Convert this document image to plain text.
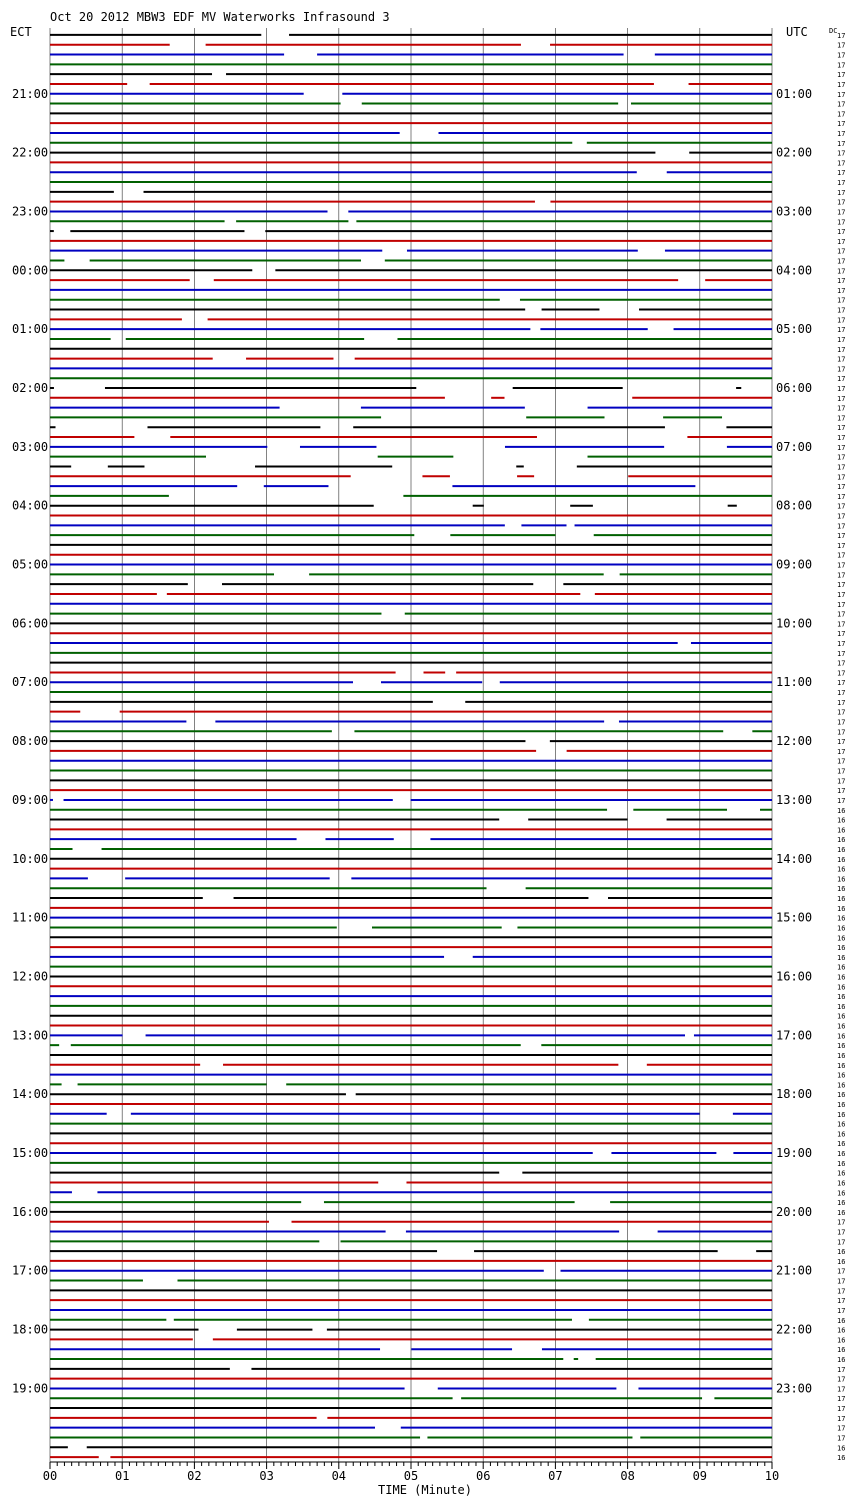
Oct 20 2012 MBW3 EDF MV Waterworks Infrasound 3
ECT	UTC	DC
21:00
22:00
23:00
00:00
01:00
02:00
03:00
04:00
05:00
06:00
07:00
08:00
09:00
10:00
11:00
12:00
13:00
14:00
15:00
16:00
17:00
18:00
19:00
01:00
02:00
03:00
04:00
05:00
06:00
07:00
08:00
09:00
10:00
11:00
12:00
13:00
14:00
15:00
16:00
17:00
18:00
19:00
20:00
21:00
22:00
23:00
17
17
17
17
17
17
17
17
17
17
17
17
17
17
17
17
17
17
17
17
17
17
17
17
17
17
17
17
17
17
17
17
17
17
17
17
17
17
17
17
17
17
17
17
17
17
17
17
17
17
17
17
17
17
17
17
17
17
17
17
17
17
17
17
17
17
17
17
17
17
17
17
17
17
17
17
17
17
17
16
16
16
16
16
16
16
16
16
16
16
16
16
16
16
16
16
16
16
16
16
16
16
16
16
16
16
16
16
16
16
16
16
16
16
16
16
16
16
16
16
16
17
17
17
16
16
17
17
17
17
17
16
16
16
16
16
17
17
17
17
17
17
17
17
16
16
00	01	02	03	04	05	06	07	08	09	10
TIME (Minute)
